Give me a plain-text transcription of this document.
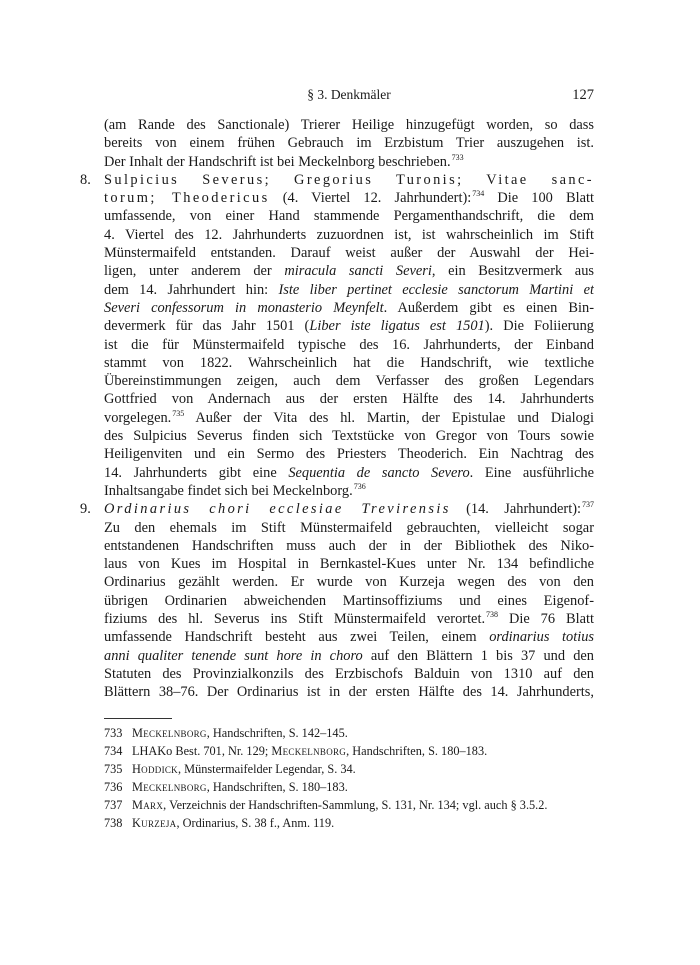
§ 3. Denkmäler	127
(am Rande des Sanctionale) Trierer Heilige hinzugefügt worden, so dass
bereits von einem frühen Gebrauch im Erzbistum Trier auszugehen ist.
Der Inhalt der Handschrift ist bei Meckelnborg beschrieben.$^{733}$
8. Sulpicius Severus; Gregorius Turonis; Vitae sanc-
torum; Theodericus (4. Viertel 12. Jahrhundert):$^{734}$ Die 100 Blatt
umfassende, von einer Hand stammende Pergamenthandschrift, die dem
4. Viertel des 12. Jahrhunderts zuzuordnen ist, ist wahrscheinlich im Stift
Münstermaifeld entstanden. Darauf weist außer der Auswahl der Hei-
ligen, unter anderem der miracula sancti Severi, ein Besitzvermerk aus
dem 14. Jahrhundert hin: Iste liber pertinet ecclesie sanctorum Martini et
Severi confessorum in monasterio Meynfelt. Außerdem gibt es einen Bin-
devermerk für das Jahr 1501 (Liber iste ligatus est 1501). Die Foliierung
ist die für Münstermaifeld typische des 16. Jahrhunderts, der Einband
stammt von 1822. Wahrscheinlich hat die Handschrift, wie textliche
Übereinstimmungen zeigen, auch dem Verfasser des großen Legendars
Gottfried von Andernach aus der ersten Hälfte des 14. Jahrhunderts
vorgelegen.$^{735}$ Außer der Vita des hl. Martin, der Epistulae und Dialogi
des Sulpicius Severus finden sich Textstücke von Gregor von Tours sowie
Heiligenviten und ein Sermo des Priesters Theoderich. Ein Nachtrag des
14. Jahrhunderts gibt eine Sequentia de sancto Severo. Eine ausführliche
Inhaltsangabe findet sich bei Meckelnborg.$^{736}$
9. Ordinarius chori ecclesiae Trevirensis (14. Jahrhundert):$^{737}$
Zu den ehemals im Stift Münstermaifeld gebrauchten, vielleicht sogar
entstandenen Handschriften muss auch der in der Bibliothek des Niko-
laus von Kues im Hospital in Bernkastel-Kues unter Nr. 134 befindliche
Ordinarius gezählt werden. Er wurde von Kurzeja wegen des von den
übrigen Ordinarien abweichenden Martinsoffiziums und eines Eigenof-
fiziums des hl. Severus ins Stift Münstermaifeld verortet.$^{738}$ Die 76 Blatt
umfassende Handschrift besteht aus zwei Teilen, einem ordinarius totius
anni qualiter tenende sunt hore in choro auf den Blättern 1 bis 37 und den
Statuten des Provinzialkonzils des Erzbischofs Balduin von 1310 auf den
Blättern 38–76. Der Ordinarius ist in der ersten Hälfte des 14. Jahrhunderts,
733 Meckelnborg, Handschriften, S. 142–145.
734 LHAKo Best. 701, Nr. 129; Meckelnborg, Handschriften, S. 180–183.
735 Hoddick, Münstermaifelder Legendar, S. 34.
736 Meckelnborg, Handschriften, S. 180–183.
737 Marx, Verzeichnis der Handschriften-Sammlung, S. 131, Nr. 134; vgl. auch § 3.5.2.
738 Kurzeja, Ordinarius, S. 38 f., Anm. 119.
